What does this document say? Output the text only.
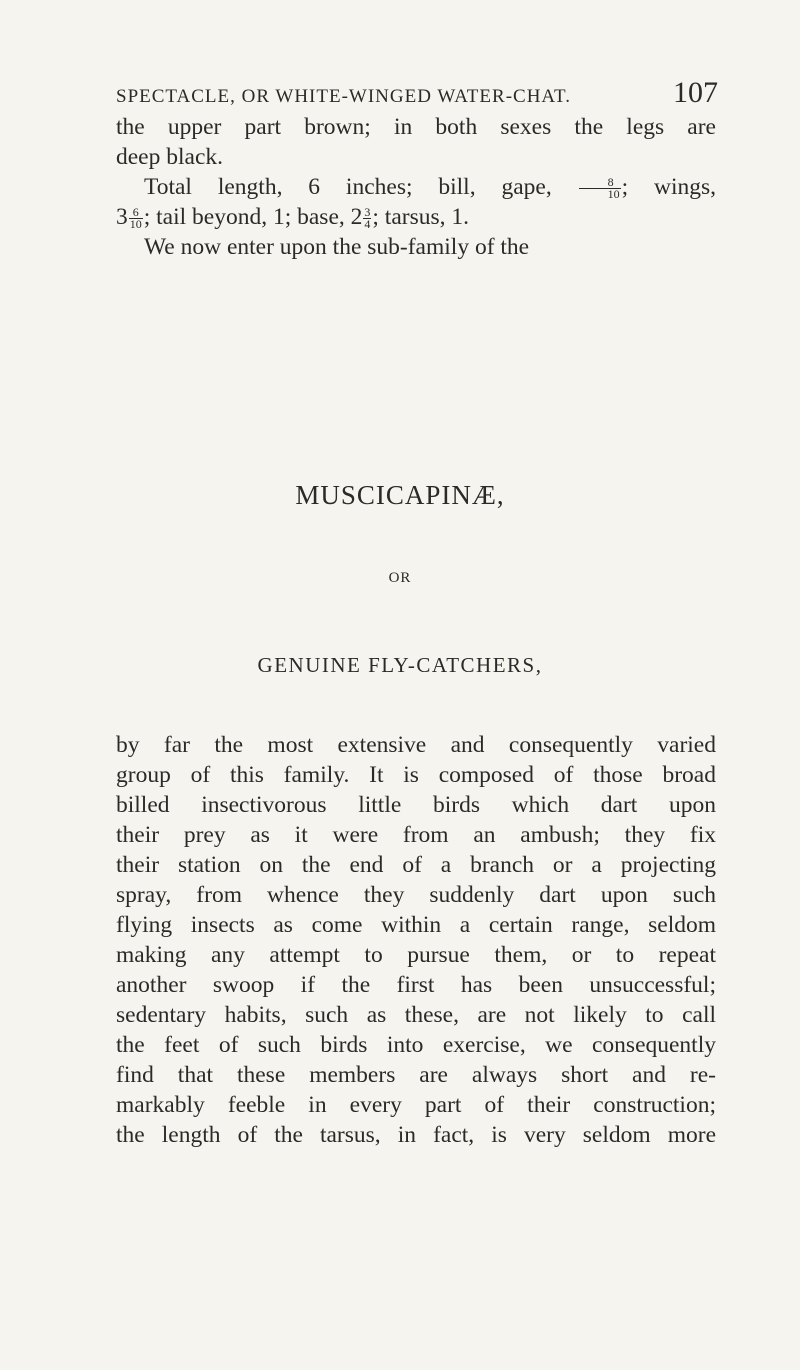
SPECTACLE, OR WHITE-WINGED WATER-CHAT.	107

the upper part brown; in both sexes the legs are
deep black.

Total length, 6 inches; bill, gape, $\frac{8}{10}$ ; wings,
$3 \frac{6}{10}$ ; tail beyond, 1; base, $2 \frac{3}{4}$ ; tarsus, 1.

We now enter upon the sub-family of the

MUSCICAPINÆ,
OR
GENUINE FLY-CATCHERS,

by far the most extensive and consequently varied
group of this family. It is composed of those broad
billed insectivorous little birds which dart upon
their prey as it were from an ambush; they fix
their station on the end of a branch or a projecting
spray, from whence they suddenly dart upon such
flying insects as come within a certain range, seldom
making any attempt to pursue them, or to repeat
another swoop if the first has been unsuccessful;
sedentary habits, such as these, are not likely to call
the feet of such birds into exercise, we consequently
find that these members are always short and re-
markably feeble in every part of their construction;
the length of the tarsus, in fact, is very seldom more
